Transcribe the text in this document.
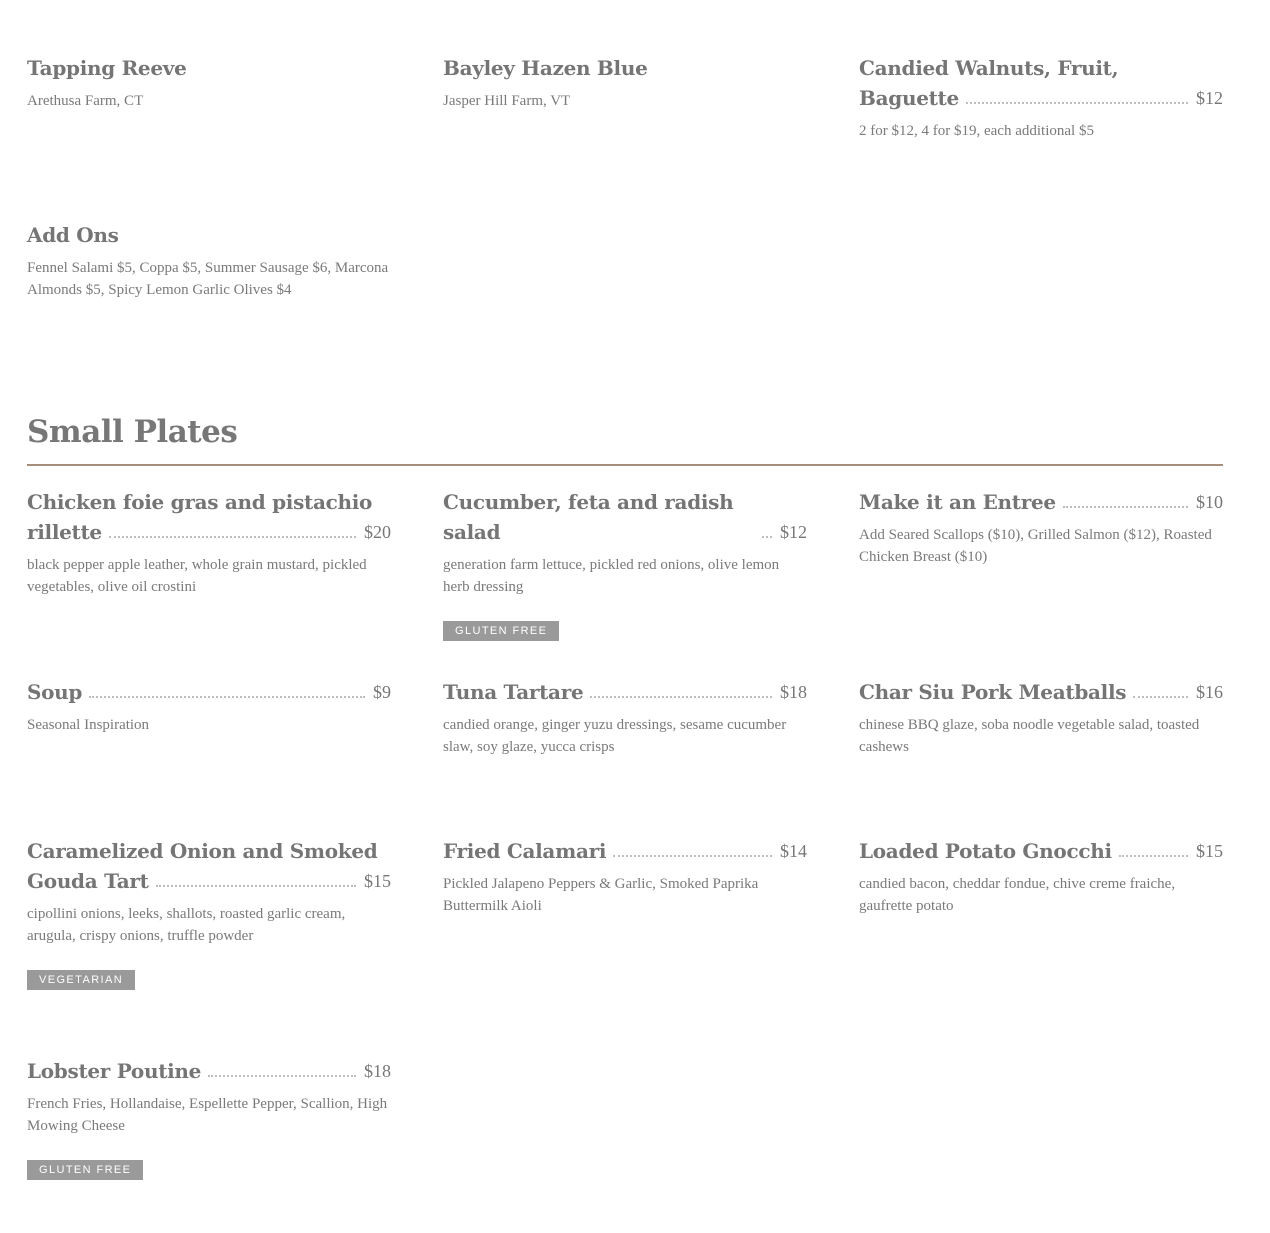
Tapping Reeve
Arethusa Farm, CT
Bayley Hazen Blue
Jasper Hill Farm, VT
Candied Walnuts, Fruit,
Baguette	$12
2 for $12, 4 for $19, each additional $5
Add Ons
Fennel Salami $5, Coppa $5, Summer Sausage $6, Marcona Almonds $5, Spicy Lemon Garlic Olives $4
Small Plates
Chicken foie gras and pistachio
rillette	$20
black pepper apple leather, whole grain mustard, pickled vegetables, olive oil crostini
Cucumber, feta and radish salad	$12
generation farm lettuce, pickled red onions, olive lemon herb dressing
GLUTEN FREE
Make it an Entree	$10
Add Seared Scallops ($10), Grilled Salmon ($12), Roasted Chicken Breast ($10)
Soup	$9
Seasonal Inspiration
Tuna Tartare	$18
candied orange, ginger yuzu dressings, sesame cucumber slaw, soy glaze, yucca crisps
Char Siu Pork Meatballs	$16
chinese BBQ glaze, soba noodle vegetable salad, toasted cashews
Caramelized Onion and Smoked
Gouda Tart	$15
cipollini onions, leeks, shallots, roasted garlic cream, arugula, crispy onions, truffle powder
VEGETARIAN
Fried Calamari	$14
Pickled Jalapeno Peppers & Garlic, Smoked Paprika Buttermilk Aioli
Loaded Potato Gnocchi	$15
candied bacon, cheddar fondue, chive creme fraiche, gaufrette potato
Lobster Poutine	$18
French Fries, Hollandaise, Espellette Pepper, Scallion, High Mowing Cheese
GLUTEN FREE
